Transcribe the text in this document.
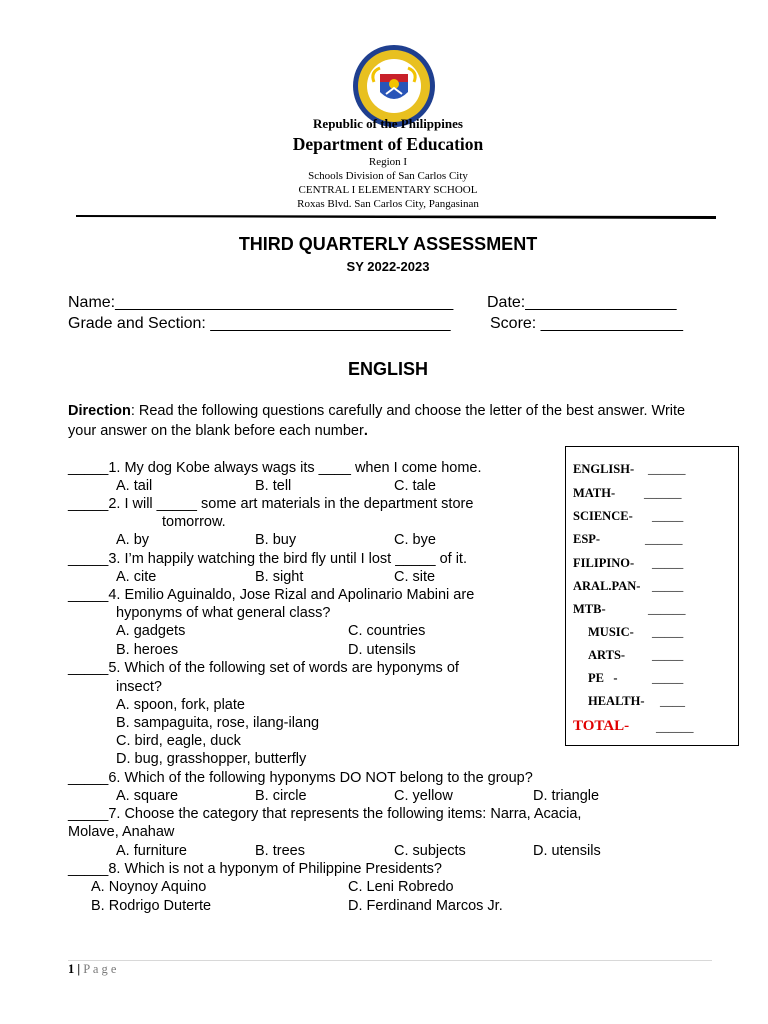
Republic of the Philippines
Department of Education
Region I
Schools Division of San Carlos City
CENTRAL I ELEMENTARY SCHOOL
Roxas Blvd. San Carlos City, Pangasinan
THIRD QUARTERLY ASSESSMENT
SY 2022-2023
Name:______________________________________ Date:_________________
Grade and Section: ___________________________ Score: ________________
ENGLISH
Direction: Read the following questions carefully and choose the letter of the best answer. Write your answer on the blank before each number.
_____1. My dog Kobe always wags its ____ when I come home.
A. tail	B. tell	C. tale
_____2. I will _____ some art materials in the department store
tomorrow.
A. by	B. buy	C. bye
_____3. I’m happily watching the bird fly until I lost _____ of it.
A. cite	B. sight	C. site
_____4. Emilio Aguinaldo, Jose Rizal and Apolinario Mabini are
hyponyms of what general class?
A. gadgets	C. countries
B. heroes	D. utensils
_____5. Which of the following set of words are hyponyms of
insect?
A. spoon, fork, plate
B. sampaguita, rose, ilang-ilang
C. bird, eagle, duck
D. bug, grasshopper, butterfly
_____6. Which of the following hyponyms DO NOT belong to the group?
A. square	B. circle	C. yellow	D. triangle
_____7. Choose the category that represents the following items: Narra, Acacia,
Molave, Anahaw
A. furniture	B. trees	C. subjects	D. utensils
_____8. Which is not a hyponym of Philippine Presidents?
A. Noynoy Aquino	C. Leni Robredo
B. Rodrigo Duterte	D. Ferdinand Marcos Jr.
ENGLISH- ______
MATH- ______
SCIENCE- _____
ESP-	______
FILIPINO- _____
ARAL.PAN- _____
MTB-	______
MUSIC- _____
ARTS- _____
PE   -	_____
HEALTH- ____
TOTAL- ______
1 | P a g e
